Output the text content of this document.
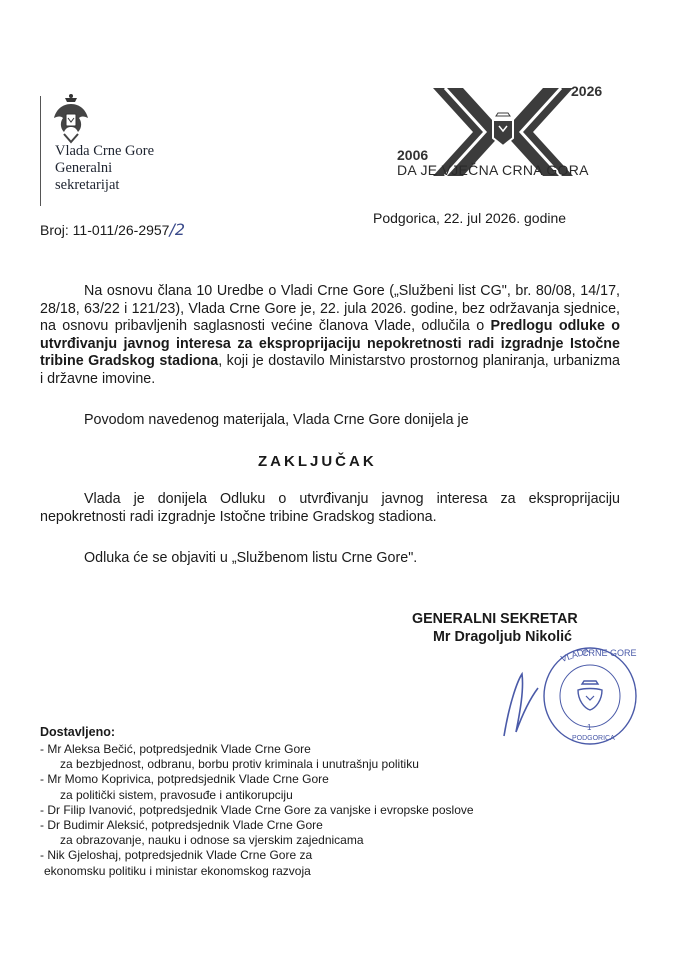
Vlada Crne Gore
Generalni
sekretarijat
2006
2026
DA JE VJEČNA CRNA GORA
Broj: 11-011/26-2957/2
Podgorica, 22. jul 2026. godine
Na osnovu člana 10 Uredbe o Vladi Crne Gore („Službeni list CG", br. 80/08, 14/17, 28/18, 63/22 i 121/23), Vlada Crne Gore je, 22. jula 2026. godine, bez održavanja sjednice, na osnovu pribavljenih saglasnosti većine članova Vlade, odlučila o Predlogu odluke o utvrđivanju javnog interesa za eksproprijaciju nepokretnosti radi izgradnje Istočne tribine Gradskog stadiona, koji je dostavilo Ministarstvo prostornog planiranja, urbanizma i državne imovine.
Povodom navedenog materijala, Vlada Crne Gore donijela je
ZAKLJUČAK
Vlada je donijela Odluku o utvrđivanju javnog interesa za eksproprijaciju nepokretnosti radi izgradnje Istočne tribine Gradskog stadiona.
Odluka će se objaviti u „Službenom listu Crne Gore".
GENERALNI SEKRETAR
Mr Dragoljub Nikolić
VLADA
CRNE GORE
1
PODGORICA
Dostavljeno:
- Mr Aleksa Bečić, potpredsjednik Vlade Crne Gore
za bezbjednost, odbranu, borbu protiv kriminala i unutrašnju politiku
- Mr Momo Koprivica, potpredsjednik Vlade Crne Gore
za politički sistem, pravosuđe i antikorupciju
- Dr Filip Ivanović, potpredsjednik Vlade Crne Gore za vanjske i evropske poslove
- Dr Budimir Aleksić, potpredsjednik Vlade Crne Gore
za obrazovanje, nauku i odnose sa vjerskim zajednicama
- Nik Gjeloshaj, potpredsjednik Vlade Crne Gore za
ekonomsku politiku i ministar ekonomskog razvoja
